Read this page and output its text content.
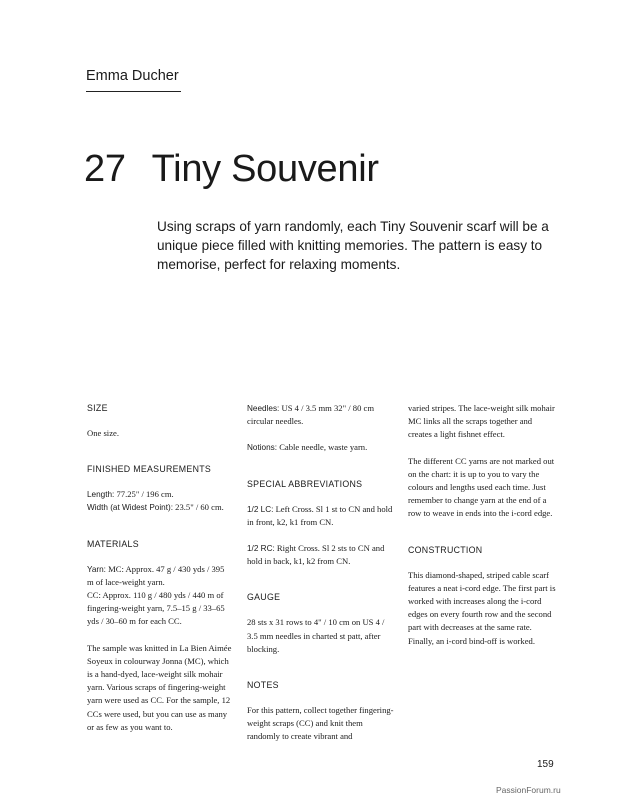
Emma Ducher
27 Tiny Souvenir
Using scraps of yarn randomly, each Tiny Souvenir scarf will be a unique piece filled with knitting memories. The pattern is easy to memorise, perfect for relaxing moments.
SIZE
One size.
FINISHED MEASUREMENTS
Length: 77.25" / 196 cm.
Width (at Widest Point): 23.5" / 60 cm.
MATERIALS
Yarn: MC: Approx. 47 g / 430 yds / 395 m of lace-weight yarn.
CC: Approx. 110 g / 480 yds / 440 m of fingering-weight yarn, 7.5–15 g / 33–65 yds / 30–60 m for each CC.
The sample was knitted in La Bien Aimée Soyeux in colourway Jonna (MC), which is a hand-dyed, lace-weight silk mohair yarn. Various scraps of fingering-weight yarn were used as CC. For the sample, 12 CCs were used, but you can use as many or as few as you want to.
Needles: US 4 / 3.5 mm 32" / 80 cm circular needles.
Notions: Cable needle, waste yarn.
SPECIAL ABBREVIATIONS
1/2 LC: Left Cross. Sl 1 st to CN and hold in front, k2, k1 from CN.
1/2 RC: Right Cross. Sl 2 sts to CN and hold in back, k1, k2 from CN.
GAUGE
28 sts x 31 rows to 4" / 10 cm on US 4 / 3.5 mm needles in charted st patt, after blocking.
NOTES
For this pattern, collect together fingering-weight scraps (CC) and knit them randomly to create vibrant and
varied stripes. The lace-weight silk mohair MC links all the scraps together and creates a light fishnet effect.
The different CC yarns are not marked out on the chart: it is up to you to vary the colours and lengths used each time. Just remember to change yarn at the end of a row to weave in ends into the i-cord edge.
CONSTRUCTION
This diamond-shaped, striped cable scarf features a neat i-cord edge. The first part is worked with increases along the i-cord edges on every fourth row and the second part with decreases at the same rate. Finally, an i-cord bind-off is worked.
159
PassionForum.ru
